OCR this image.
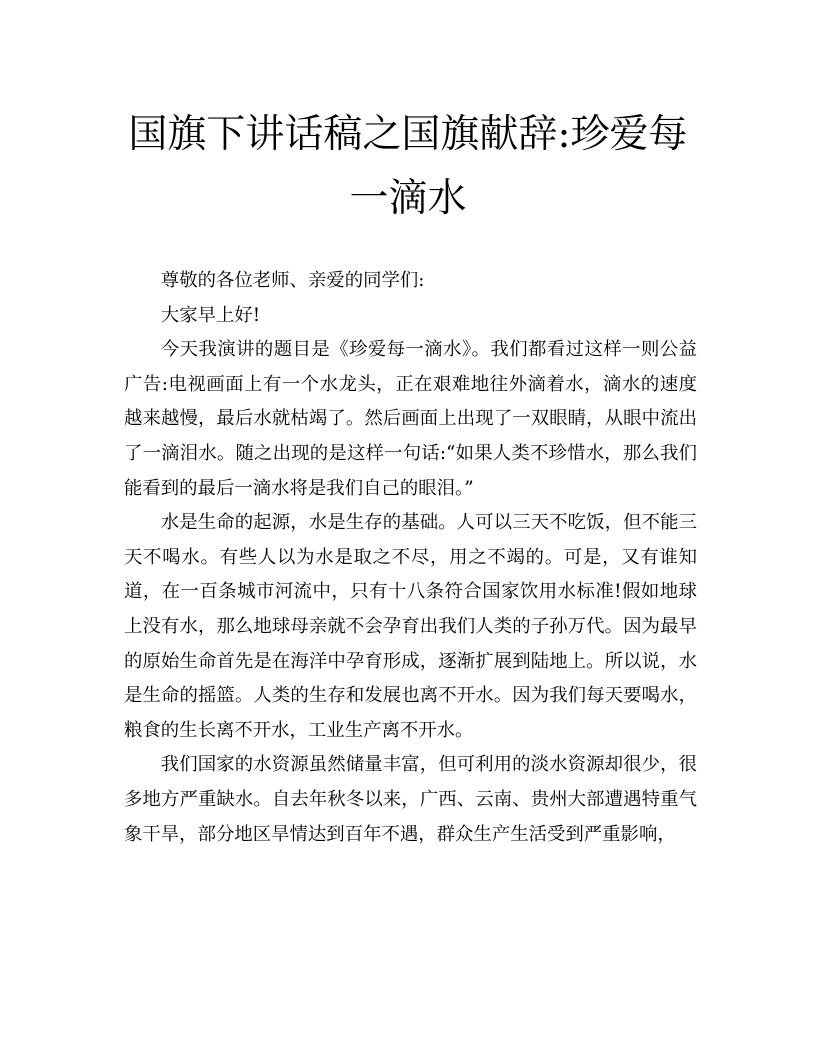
国旗下讲话稿之国旗献辞:珍爱每一滴水

尊敬的各位老师、亲爱的同学们:

大家早上好!

今天我演讲的题目是《珍爱每一滴水》。我们都看过这样一则公益广告:电视画面上有一个水龙头，正在艰难地往外滴着水，滴水的速度越来越慢，最后水就枯竭了。然后画面上出现了一双眼睛，从眼中流出了一滴泪水。随之出现的是这样一句话:“如果人类不珍惜水，那么我们能看到的最后一滴水将是我们自己的眼泪。”

水是生命的起源，水是生存的基础。人可以三天不吃饭，但不能三天不喝水。有些人以为水是取之不尽，用之不竭的。可是，又有谁知道，在一百条城市河流中，只有十八条符合国家饮用水标准!假如地球上没有水，那么地球母亲就不会孕育出我们人类的子孙万代。因为最早的原始生命首先是在海洋中孕育形成，逐渐扩展到陆地上。所以说，水是生命的摇篮。人类的生存和发展也离不开水。因为我们每天要喝水，粮食的生长离不开水，工业生产离不开水。

我们国家的水资源虽然储量丰富，但可利用的淡水资源却很少，很多地方严重缺水。自去年秋冬以来，广西、云南、贵州大部遭遇特重气象干旱，部分地区旱情达到百年不遇，群众生产生活受到严重影响，
